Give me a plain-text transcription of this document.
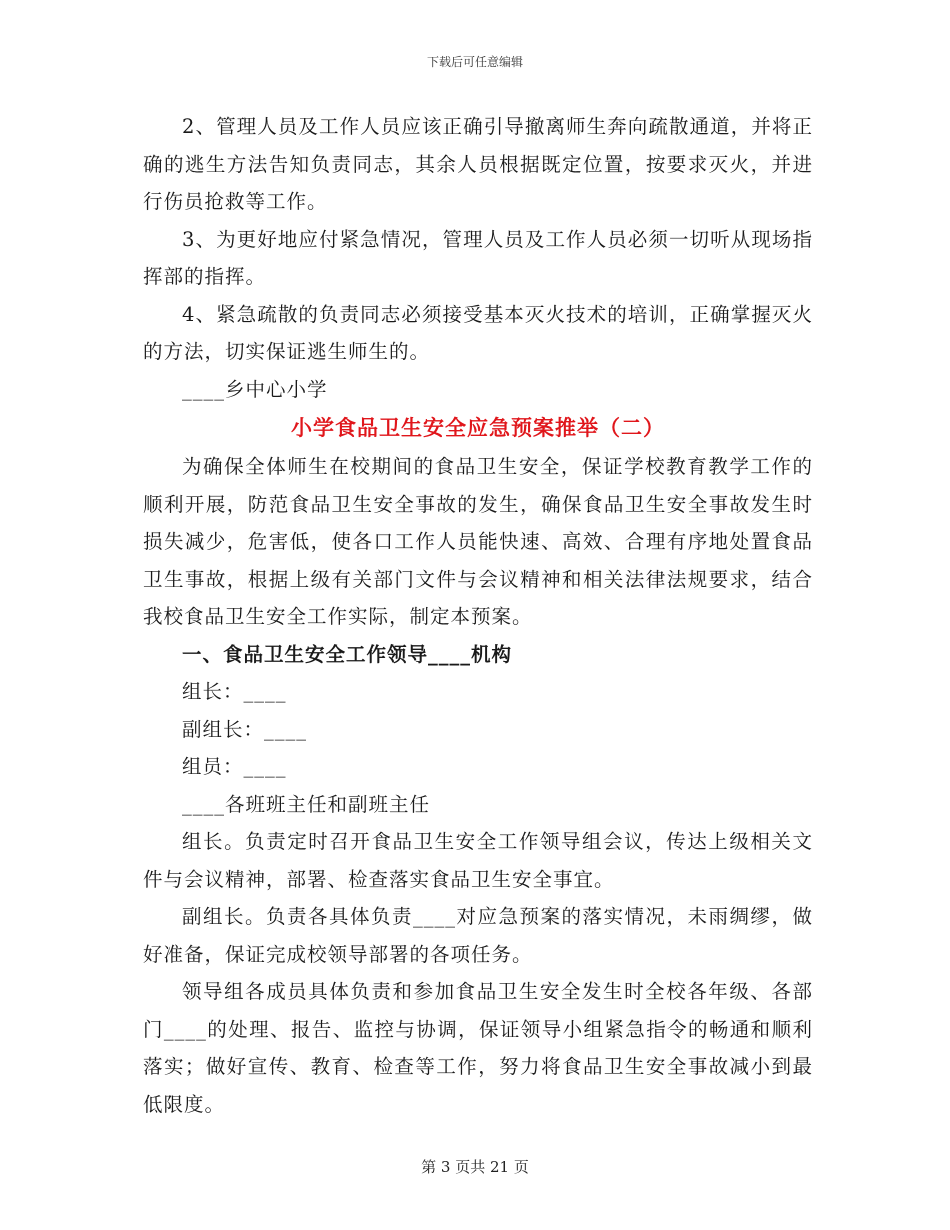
下载后可任意编辑

2、管理人员及工作人员应该正确引导撤离师生奔向疏散通道，并将正确的逃生方法告知负责同志，其余人员根据既定位置，按要求灭火，并进行伤员抢救等工作。

3、为更好地应付紧急情况，管理人员及工作人员必须一切听从现场指挥部的指挥。

4、紧急疏散的负责同志必须接受基本灭火技术的培训，正确掌握灭火的方法，切实保证逃生师生的。

____乡中心小学

小学食品卫生安全应急预案推举（二）

为确保全体师生在校期间的食品卫生安全，保证学校教育教学工作的顺利开展，防范食品卫生安全事故的发生，确保食品卫生安全事故发生时损失减少，危害低，使各口工作人员能快速、高效、合理有序地处置食品卫生事故，根据上级有关部门文件与会议精神和相关法律法规要求，结合我校食品卫生安全工作实际，制定本预案。

一、食品卫生安全工作领导____机构

组长：____

副组长：____

组员：____

____各班班主任和副班主任

组长。负责定时召开食品卫生安全工作领导组会议，传达上级相关文件与会议精神，部署、检查落实食品卫生安全事宜。

副组长。负责各具体负责____对应急预案的落实情况，未雨绸缪，做好准备，保证完成校领导部署的各项任务。

领导组各成员具体负责和参加食品卫生安全发生时全校各年级、各部门____的处理、报告、监控与协调，保证领导小组紧急指令的畅通和顺利落实；做好宣传、教育、检查等工作，努力将食品卫生安全事故减小到最低限度。

第 3 页共 21 页
